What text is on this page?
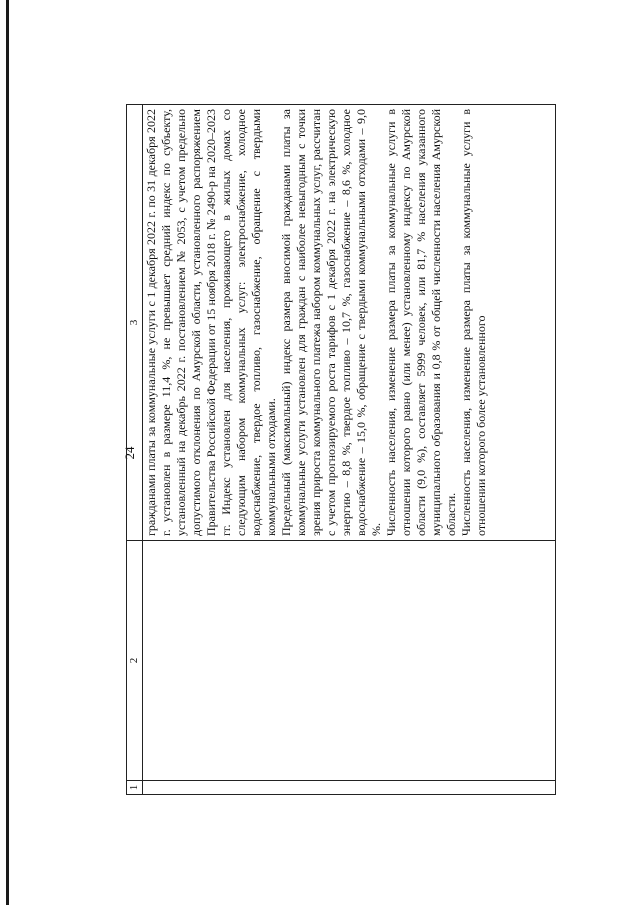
24
1	2	3

		гражданами платы за коммунальные услуги с 1 декабря 2022 г. по 31 декабря 2022 г. установлен в размере 11,4 %, не превышает средний индекс по субъекту, установленный на декабрь 2022 г. постановлением № 2053, с учетом предельно допустимого отклонения по Амурской области, установленного распоряжением Правительства Российской Федерации от 15 ноября 2018 г. № 2490-р на 2020–2023 гг. Индекс установлен для населения, проживающего в жилых домах со следующим набором коммунальных услуг: электроснабжение, холодное водоснабжение, твердое топливо, газоснабжение, обращение с твердыми коммунальными отходами. Предельный (максимальный) индекс размера вносимой гражданами платы за коммунальные услуги установлен для граждан с наиболее невыгодным с точки зрения прироста коммунального платежа набором коммунальных услуг, рассчитан с учетом прогнозируемого роста тарифов с 1 декабря 2022 г. на электрическую энергию – 8,8 %, твердое топливо – 10,7 %, газоснабжение – 8,6 %, холодное водоснабжение – 15,0 %, обращение с твердыми коммунальными отходами – 9,0 %. Численность населения, изменение размера платы за коммунальные услуги в отношении которого равно (или менее) установленному индексу по Амурской области (9,0 %), составляет 5999 человек, или 81,7 % населения указанного муниципального образования и 0,8 % от общей численности населения Амурской области. Численность населения, изменение размера платы за коммунальные услуги в отношении которого более установленного
